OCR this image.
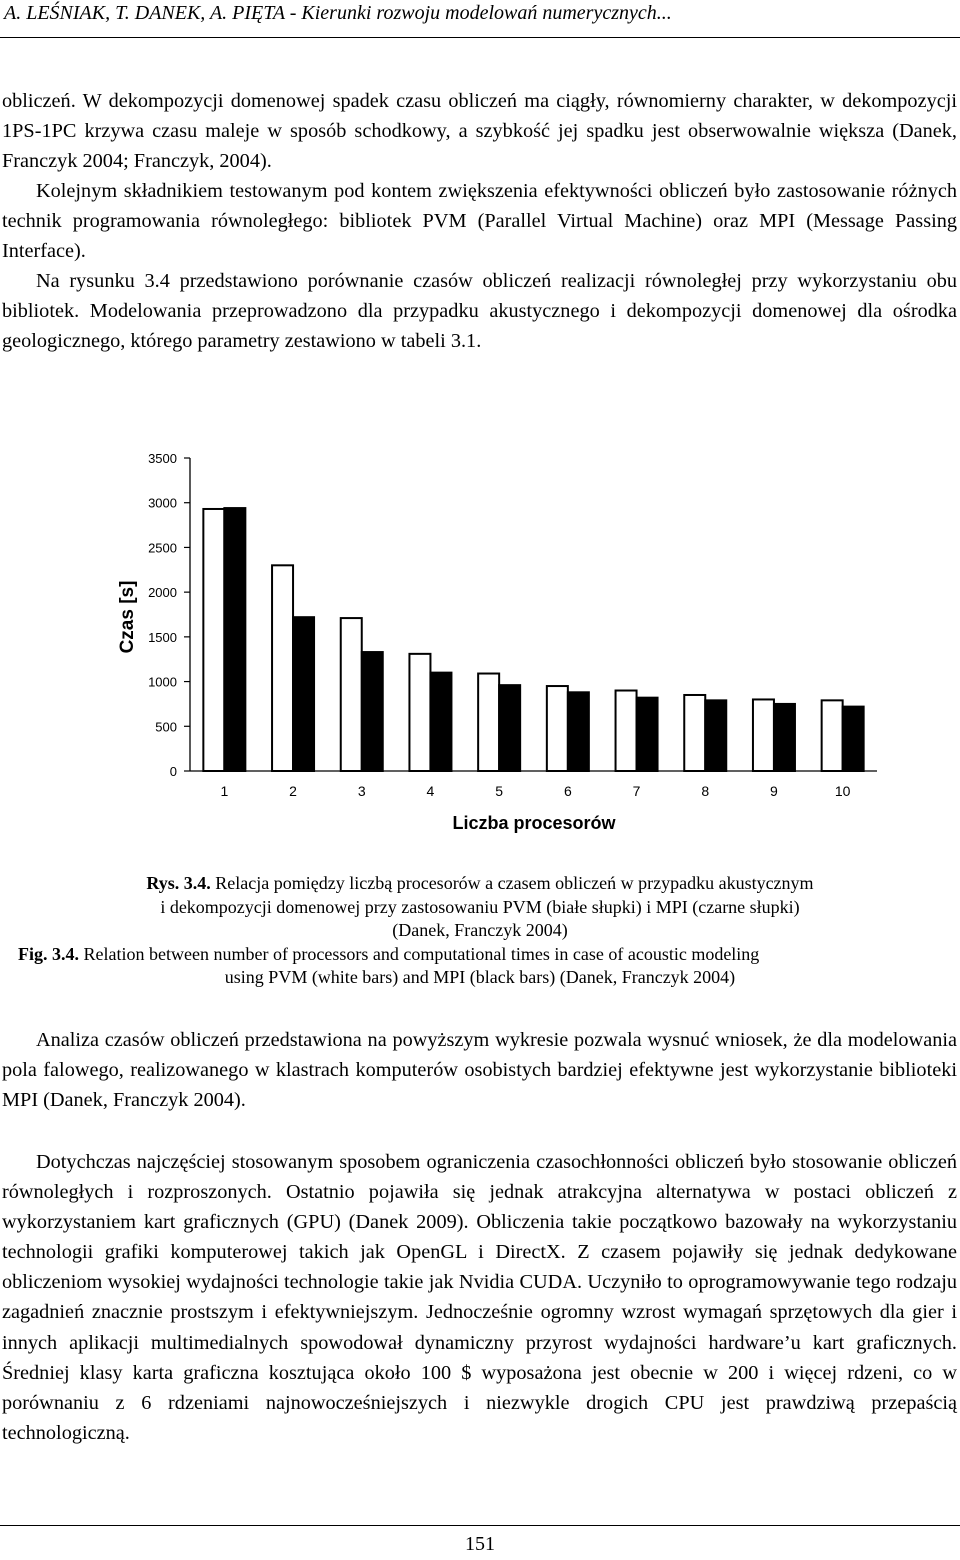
A. LEŚNIAK, T. DANEK, A. PIĘTA - Kierunki rozwoju modelowań numerycznych...

obliczeń. W dekompozycji domenowej spadek czasu obliczeń ma ciągły, równomierny charakter, w dekompozycji 1PS-1PC krzywa czasu maleje w sposób schodkowy, a szybkość jej spadku jest obserwowalnie większa (Danek, Franczyk 2004; Franczyk, 2004).

Kolejnym składnikiem testowanym pod kontem zwiększenia efektywności obliczeń było zastosowanie różnych technik programowania równoległego: bibliotek PVM (Parallel Virtual Machine) oraz MPI (Message Passing Interface).

Na rysunku 3.4 przedstawiono porównanie czasów obliczeń realizacji równoległej przy wykorzystaniu obu bibliotek. Modelowania przeprowadzono dla przypadku akustycznego i dekompozycji domenowej dla ośrodka geologicznego, którego parametry zestawiono w tabeli 3.1.

0
500
1000
1500
2000
2500
3000
3500
1	2	3	4	5	6	7	8	9	10
Czas [s]
Liczba procesorów
Rys. 3.4. Relacja pomiędzy liczbą procesorów a czasem obliczeń w przypadku akustycznym
i dekompozycji domenowej przy zastosowaniu PVM (białe słupki) i MPI (czarne słupki)
(Danek, Franczyk 2004)
Fig. 3.4. Relation between number of processors and computational times in case of acoustic modeling
using PVM (white bars) and MPI (black bars) (Danek, Franczyk 2004)

Analiza czasów obliczeń przedstawiona na powyższym wykresie pozwala wysnuć wniosek, że dla modelowania pola falowego, realizowanego w klastrach komputerów osobistych bardziej efektywne jest wykorzystanie biblioteki MPI (Danek, Franczyk 2004).

Dotychczas najczęściej stosowanym sposobem ograniczenia czasochłonności obliczeń było stosowanie obliczeń równoległych i rozproszonych. Ostatnio pojawiła się jednak atrakcyjna alternatywa w postaci obliczeń z wykorzystaniem kart graficznych (GPU) (Danek 2009). Obliczenia takie początkowo bazowały na wykorzystaniu technologii grafiki komputerowej takich jak OpenGL i DirectX. Z czasem pojawiły się jednak dedykowane obliczeniom wysokiej wydajności technologie takie jak Nvidia CUDA. Uczyniło to oprogramowywanie tego rodzaju zagadnień znacznie prostszym i efektywniejszym. Jednocześnie ogromny wzrost wymagań sprzętowych dla gier i innych aplikacji multimedialnych spowodował dynamiczny przyrost wydajności hardware’u kart graficznych. Średniej klasy karta graficzna kosztująca około 100 $ wyposażona jest obecnie w 200 i więcej rdzeni, co w porównaniu z 6 rdzeniami najnowocześniejszych i niezwykle drogich CPU jest prawdziwą przepaścią technologiczną.

151
